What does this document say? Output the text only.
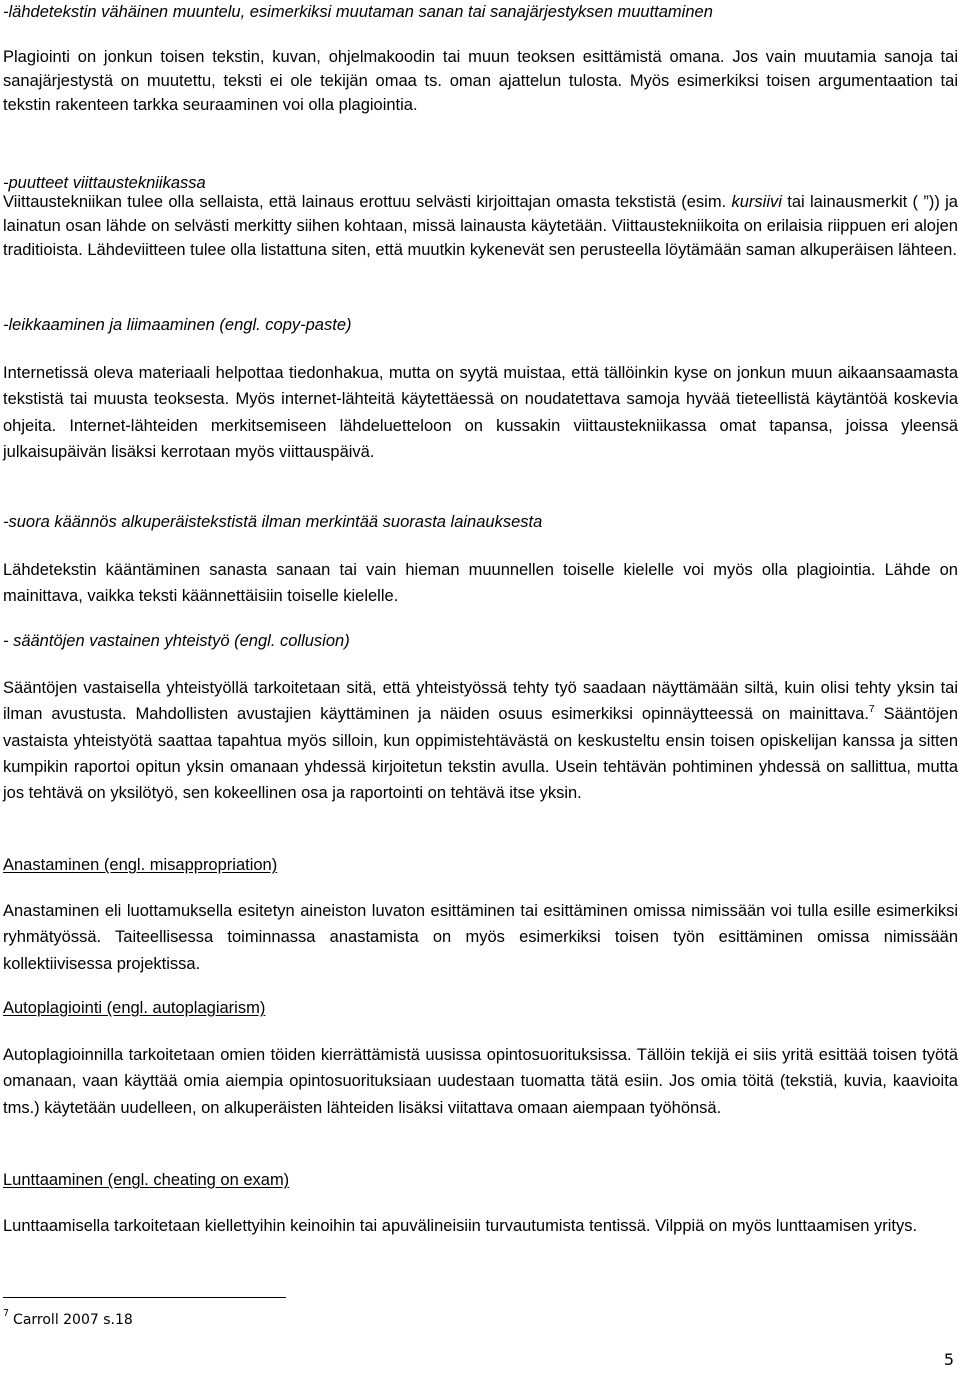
-lähdetekstin vähäinen muuntelu, esimerkiksi muutaman sanan tai sanajärjestyksen muuttaminen
Plagiointi on jonkun toisen tekstin, kuvan, ohjelmakoodin tai muun teoksen esittämistä omana. Jos vain muutamia sanoja tai sanajärjestystä on muutettu, teksti ei ole tekijän omaa ts. oman ajattelun tulosta. Myös esimerkiksi toisen argumentaation tai tekstin rakenteen tarkka seuraaminen voi olla plagiointia.
-puutteet viittaustekniikassa
Viittaustekniikan tulee olla sellaista, että lainaus erottuu selvästi kirjoittajan omasta tekstistä (esim. kursiivi tai lainausmerkit ( ”)) ja lainatun osan lähde on selvästi merkitty siihen kohtaan, missä lainausta käytetään. Viittaustekniikoita on erilaisia riippuen eri alojen traditioista. Lähdeviitteen tulee olla listattuna siten, että muutkin kykenevät sen perusteella löytämään saman alkuperäisen lähteen.
-leikkaaminen ja liimaaminen (engl. copy-paste)
Internetissä oleva materiaali helpottaa tiedonhakua, mutta on syytä muistaa, että tällöinkin kyse on jonkun muun aikaansaamasta tekstistä tai muusta teoksesta. Myös internet-lähteitä käytettäessä on noudatettava samoja hyvää tieteellistä käytäntöä koskevia ohjeita. Internet-lähteiden merkitsemiseen lähdeluetteloon on kussakin viittaustekniikassa omat tapansa, joissa yleensä julkaisupäivän lisäksi kerrotaan myös viittauspäivä.
-suora käännös alkuperäistekstistä ilman merkintää suorasta lainauksesta
Lähdetekstin kääntäminen sanasta sanaan tai vain hieman muunnellen toiselle kielelle voi myös olla plagiointia. Lähde on mainittava, vaikka teksti käännettäisiin toiselle kielelle.
- sääntöjen vastainen yhteistyö (engl. collusion)
Sääntöjen vastaisella yhteistyöllä tarkoitetaan sitä, että yhteistyössä tehty työ saadaan näyttämään siltä, kuin olisi tehty yksin tai ilman avustusta. Mahdollisten avustajien käyttäminen ja näiden osuus esimerkiksi opinnäytteessä on mainittava.$^7$ Sääntöjen vastaista yhteistyötä saattaa tapahtua myös silloin, kun oppimistehtävästä on keskusteltu ensin toisen opiskelijan kanssa ja sitten kumpikin raportoi opitun yksin omanaan yhdessä kirjoitetun tekstin avulla. Usein tehtävän pohtiminen yhdessä on sallittua, mutta jos tehtävä on yksilötyö, sen kokeellinen osa ja raportointi on tehtävä itse yksin.
Anastaminen (engl. misappropriation)
Anastaminen eli luottamuksella esitetyn aineiston luvaton esittäminen tai esittäminen omissa nimissään voi tulla esille esimerkiksi ryhmätyössä. Taiteellisessa toiminnassa anastamista on myös esimerkiksi toisen työn esittäminen omissa nimissään kollektiivisessa projektissa.
Autoplagiointi (engl. autoplagiarism)
Autoplagioinnilla tarkoitetaan omien töiden kierrättämistä uusissa opintosuorituksissa. Tällöin tekijä ei siis yritä esittää toisen työtä omanaan, vaan käyttää omia aiempia opintosuorituksiaan uudestaan tuomatta tätä esiin. Jos omia töitä (tekstiä, kuvia, kaavioita tms.) käytetään uudelleen, on alkuperäisten lähteiden lisäksi viitattava omaan aiempaan työhönsä.
Lunttaaminen (engl. cheating on exam)
Lunttaamisella tarkoitetaan kiellettyihin keinoihin tai apuvälineisiin turvautumista tentissä. Vilppiä on myös lunttaamisen yritys.
$^7$ Carroll 2007 s.18
5
